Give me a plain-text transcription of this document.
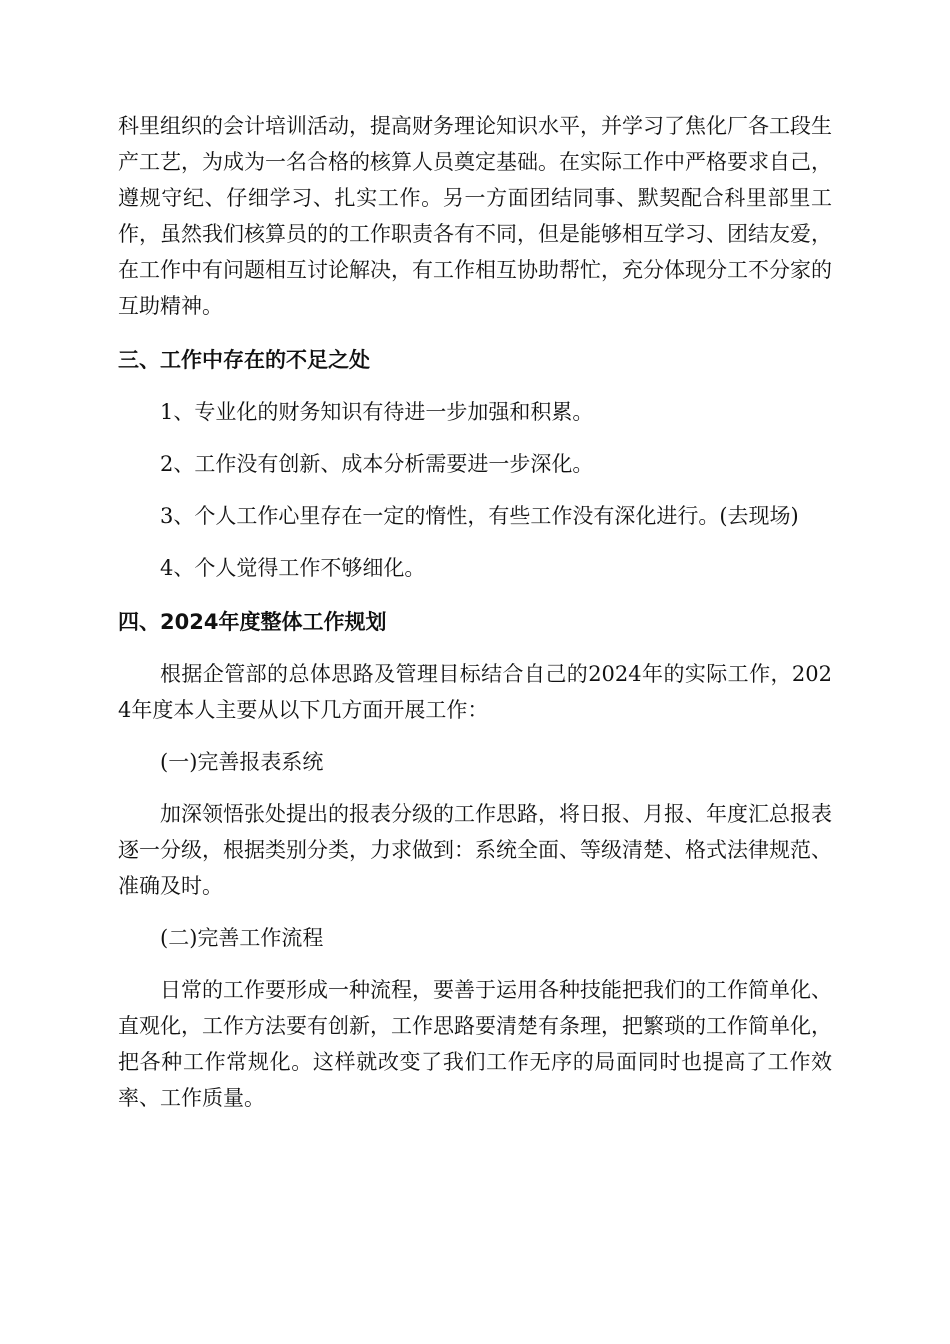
科里组织的会计培训活动，提高财务理论知识水平，并学习了焦化厂各工段生产工艺，为成为一名合格的核算人员奠定基础。在实际工作中严格要求自己，遵规守纪、仔细学习、扎实工作。另一方面团结同事、默契配合科里部里工作，虽然我们核算员的的工作职责各有不同，但是能够相互学习、团结友爱，在工作中有问题相互讨论解决，有工作相互协助帮忙，充分体现分工不分家的互助精神。

三、工作中存在的不足之处

1、专业化的财务知识有待进一步加强和积累。

2、工作没有创新、成本分析需要进一步深化。

3、个人工作心里存在一定的惰性，有些工作没有深化进行。(去现场)

4、个人觉得工作不够细化。

四、2024年度整体工作规划

根据企管部的总体思路及管理目标结合自己的2024年的实际工作，2024年度本人主要从以下几方面开展工作：

(一)完善报表系统

加深领悟张处提出的报表分级的工作思路，将日报、月报、年度汇总报表逐一分级，根据类别分类，力求做到：系统全面、等级清楚、格式法律规范、准确及时。

(二)完善工作流程

日常的工作要形成一种流程，要善于运用各种技能把我们的工作简单化、直观化，工作方法要有创新，工作思路要清楚有条理，把繁琐的工作简单化，把各种工作常规化。这样就改变了我们工作无序的局面同时也提高了工作效率、工作质量。
